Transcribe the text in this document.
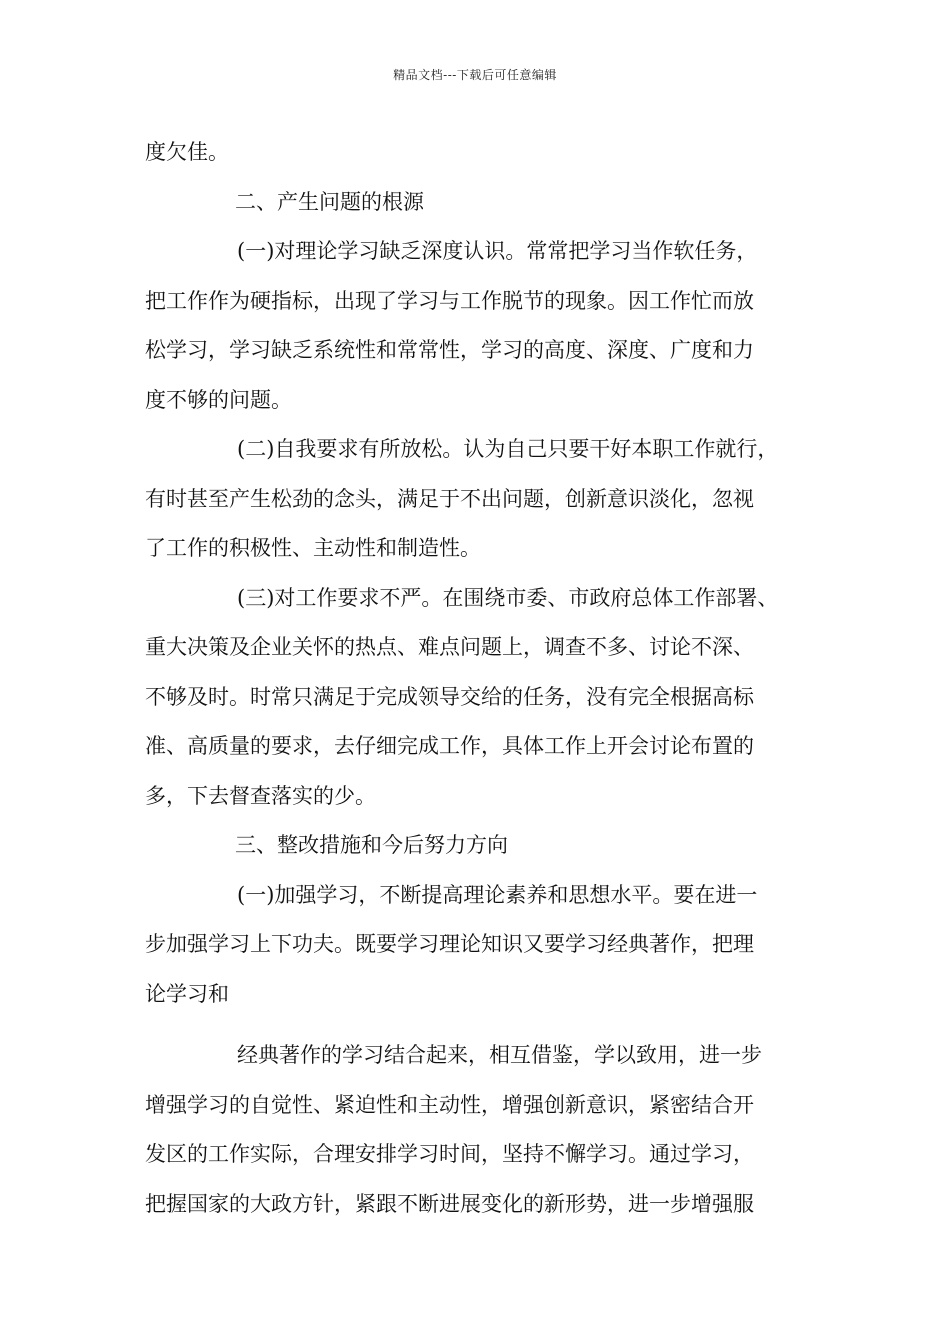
精品文档---下载后可任意编辑
度欠佳。
二、产生问题的根源
(一)对理论学习缺乏深度认识。常常把学习当作软任务，
把工作作为硬指标，出现了学习与工作脱节的现象。因工作忙而放
松学习，学习缺乏系统性和常常性，学习的高度、深度、广度和力
度不够的问题。
(二)自我要求有所放松。认为自己只要干好本职工作就行，
有时甚至产生松劲的念头，满足于不出问题，创新意识淡化，忽视
了工作的积极性、主动性和制造性。
(三)对工作要求不严。在围绕市委、市政府总体工作部署、
重大决策及企业关怀的热点、难点问题上，调查不多、讨论不深、
不够及时。时常只满足于完成领导交给的任务，没有完全根据高标
准、高质量的要求，去仔细完成工作，具体工作上开会讨论布置的
多，下去督查落实的少。
三、整改措施和今后努力方向
(一)加强学习，不断提高理论素养和思想水平。要在进一
步加强学习上下功夫。既要学习理论知识又要学习经典著作，把理
论学习和
经典著作的学习结合起来，相互借鉴，学以致用，进一步
增强学习的自觉性、紧迫性和主动性，增强创新意识，紧密结合开
发区的工作实际，合理安排学习时间，坚持不懈学习。通过学习，
把握国家的大政方针，紧跟不断进展变化的新形势，进一步增强服
